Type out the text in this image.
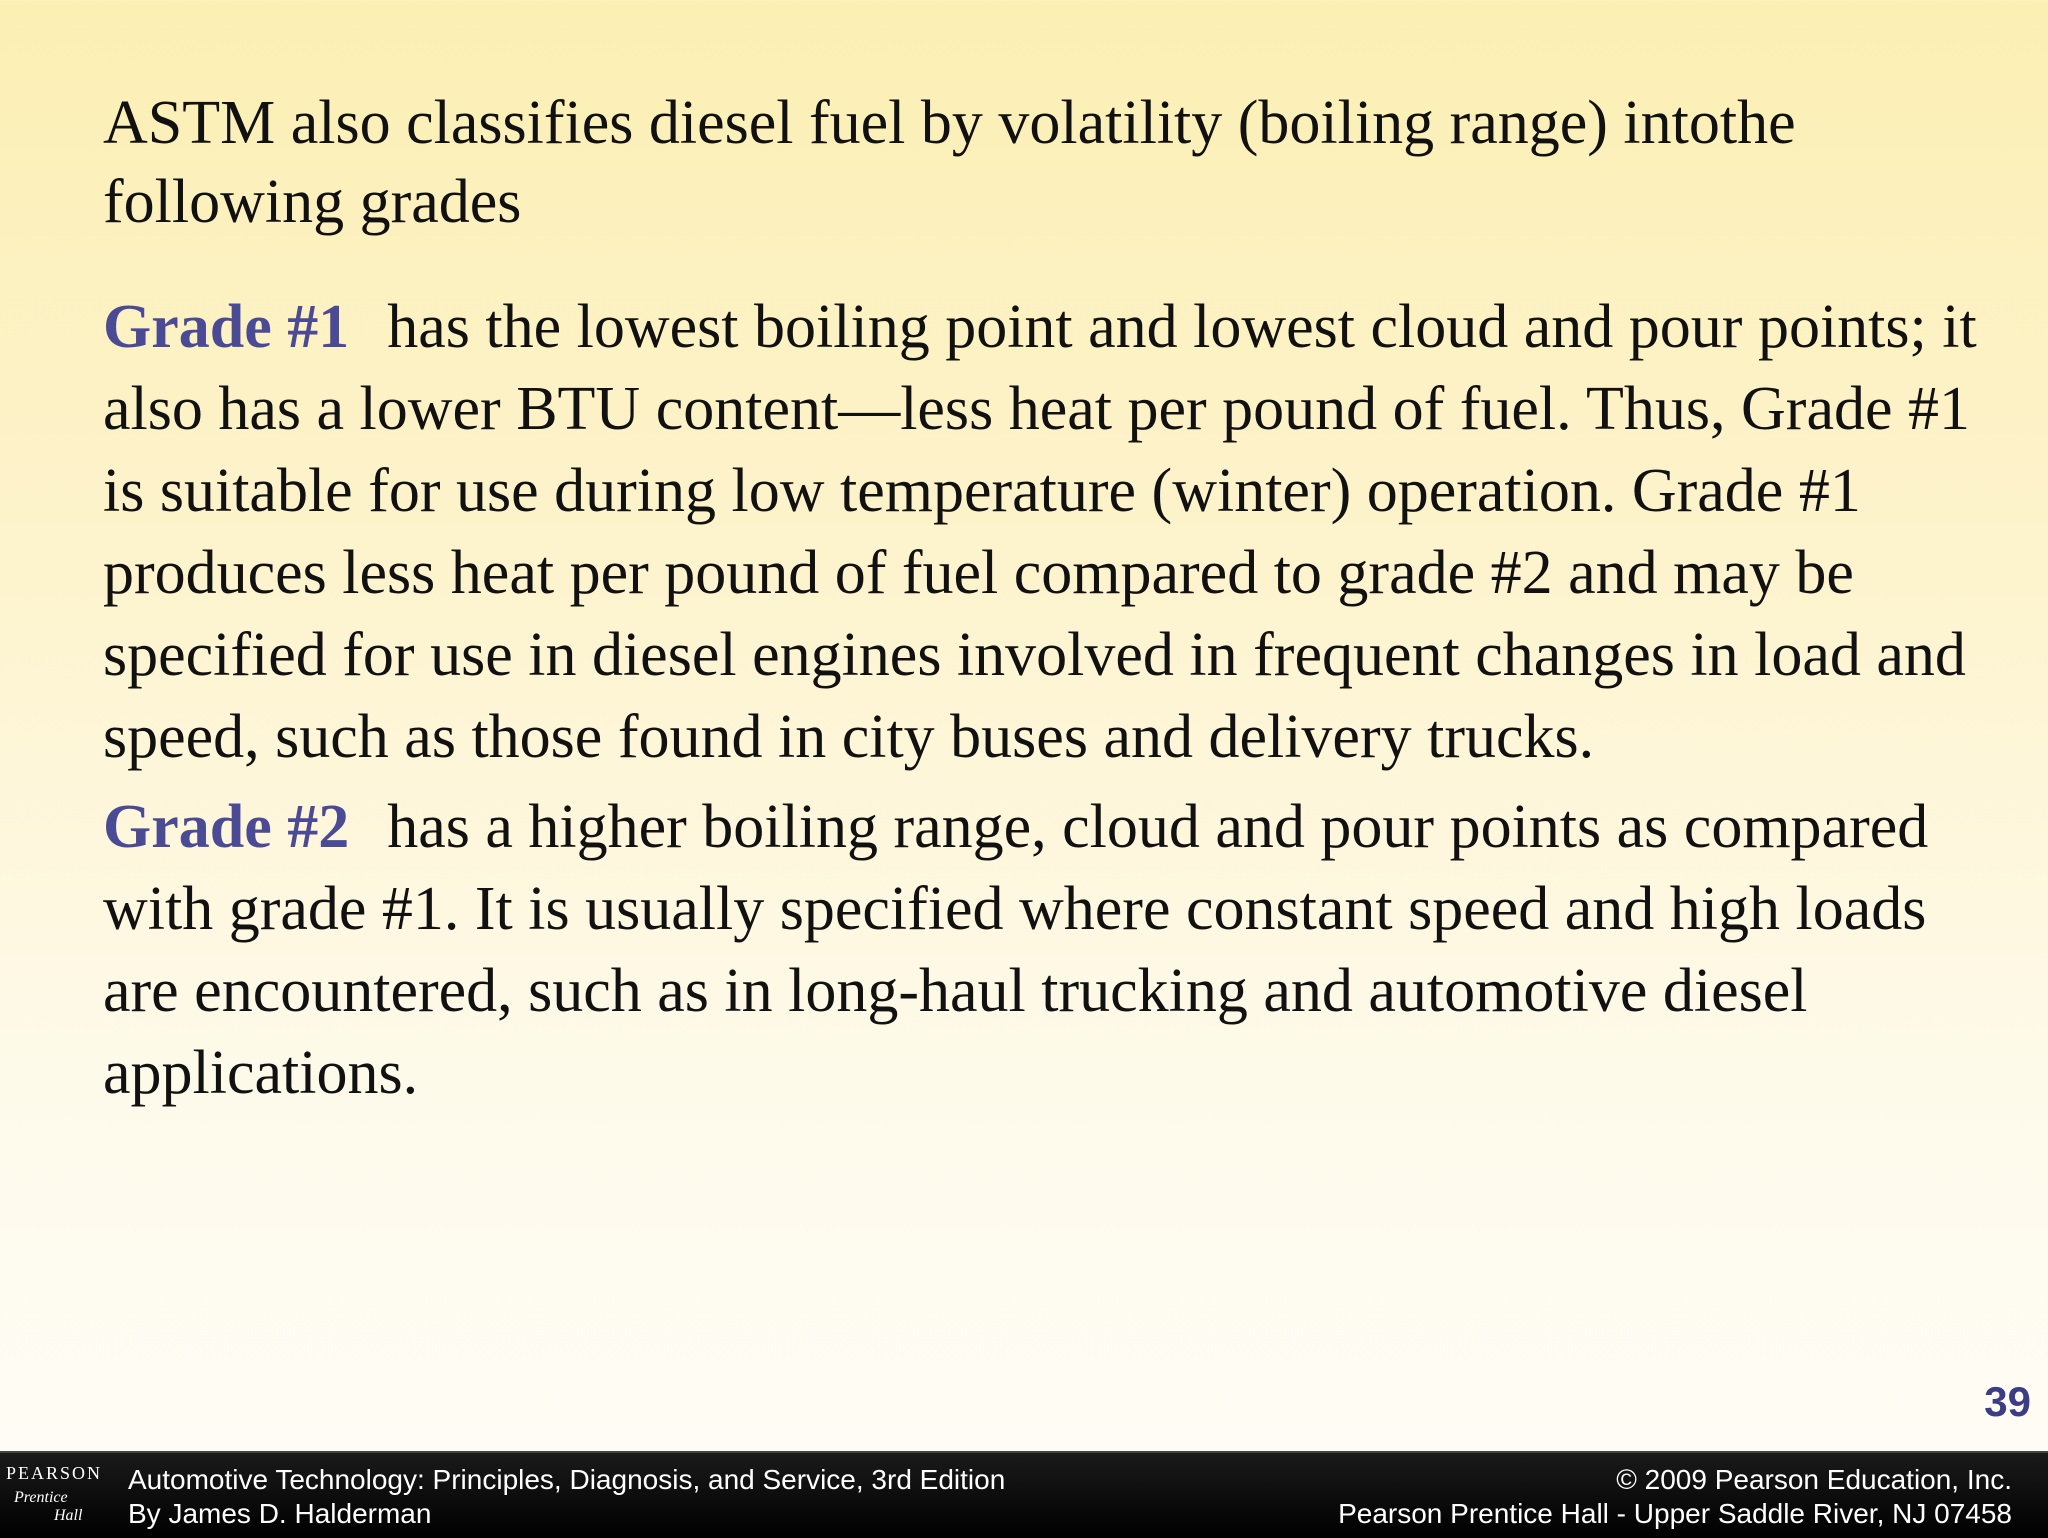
ASTM also classifies diesel fuel by volatility (boiling range) intothe following grades

Grade #1 has the lowest boiling point and lowest cloud and pour points; it also has a lower BTU content—less heat per pound of fuel. Thus, Grade #1 is suitable for use during low temperature (winter) operation. Grade #1 produces less heat per pound of fuel compared to grade #2 and may be specified for use in diesel engines involved in frequent changes in load and speed, such as those found in city buses and delivery trucks.

Grade #2 has a higher boiling range, cloud and pour points as compared with grade #1. It is usually specified where constant speed and high loads are encountered, such as in long-haul trucking and automotive diesel applications.

39
PEARSON
Prentice
Hall
Automotive Technology: Principles, Diagnosis, and Service, 3rd Edition
By James D. Halderman
© 2009 Pearson Education, Inc.
Pearson Prentice Hall - Upper Saddle River, NJ 07458
